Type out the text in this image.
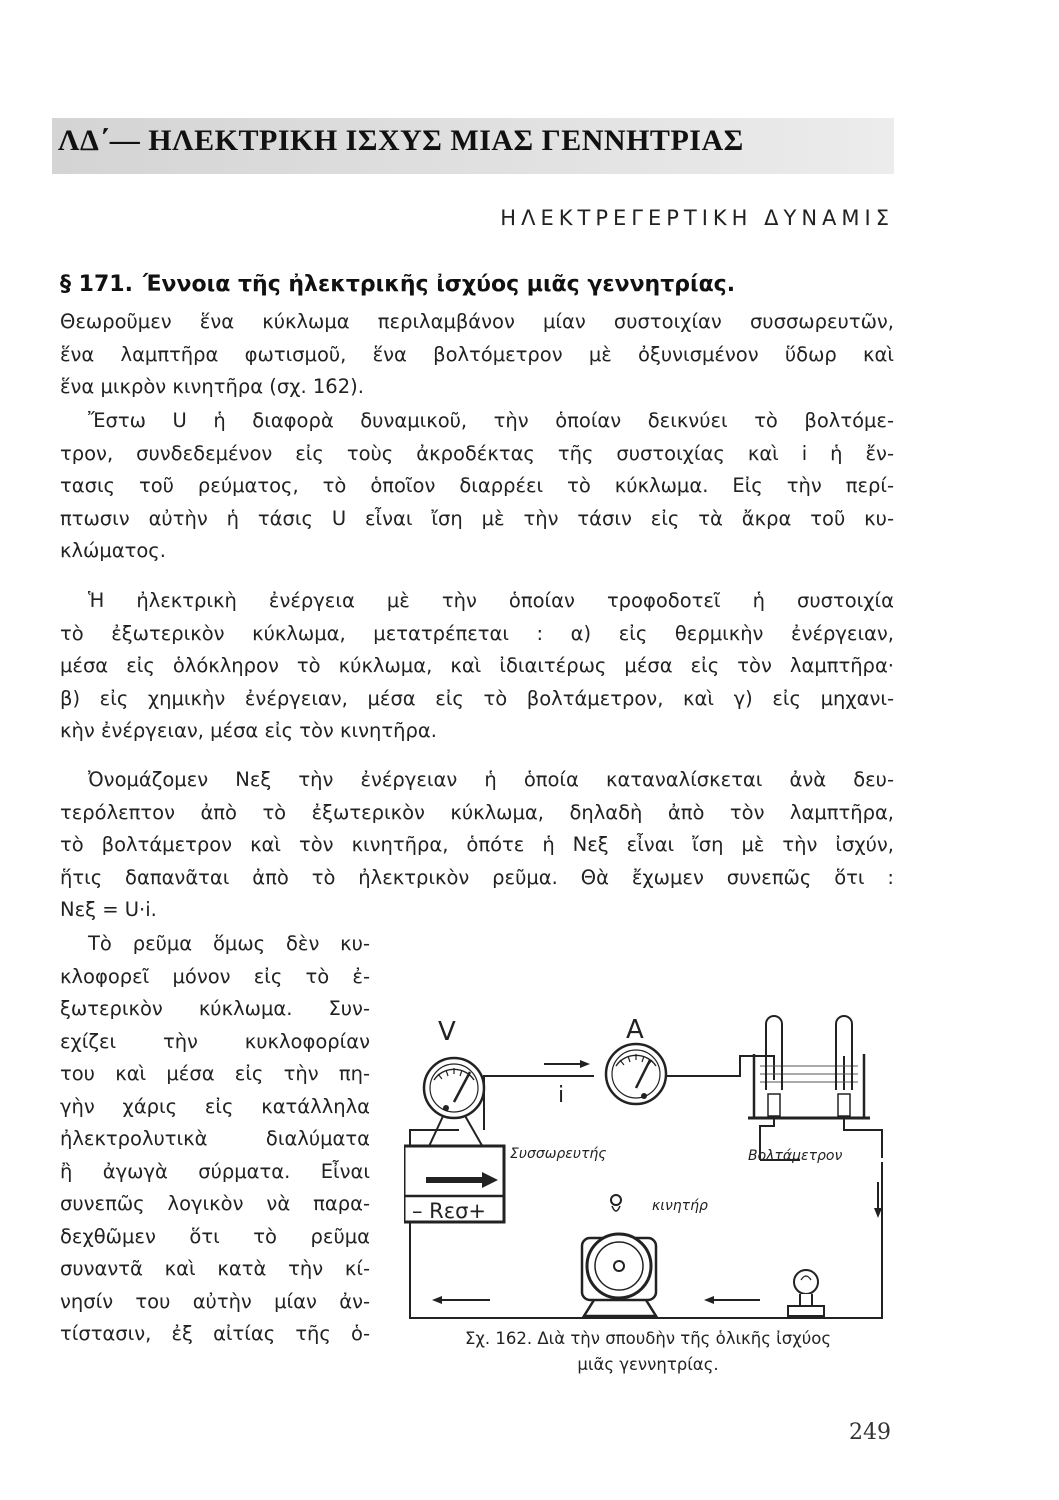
ΛΔ΄— ΗΛΕΚΤΡΙΚΗ ΙΣΧΥΣ ΜΙΑΣ ΓΕΝΝΗΤΡΙΑΣ
ΗΛΕΚΤΡΕΓΕΡΤΙΚΗ ΔΥΝΑΜΙΣ
§ 171. Έννοια τῆς ἠλεκτρικῆς ἰσχύος μιᾶς γεννητρίας.
Θεωροῦμεν ἕνα κύκλωμα περιλαμβάνον μίαν συστοιχίαν συσσωρευτῶν,
ἕνα λαμπτῆρα φωτισμοῦ, ἕνα βολτόμετρον μὲ ὀξυνισμένον ὕδωρ καὶ
ἕνα μικρὸν κινητῆρα (σχ. 162).
Ἔστω U ἡ διαφορὰ δυναμικοῦ, τὴν ὁποίαν δεικνύει τὸ βολτόμε-
τρον, συνδεδεμένον εἰς τοὺς ἀκροδέκτας τῆς συστοιχίας καὶ i ἡ ἔν-
τασις τοῦ ρεύματος, τὸ ὁποῖον διαρρέει τὸ κύκλωμα. Εἰς τὴν περί-
πτωσιν αὐτὴν ἡ τάσις U εἶναι ἴση μὲ τὴν τάσιν εἰς τὰ ἄκρα τοῦ κυ-
κλώματος.
Ἡ ἠλεκτρικὴ ἐνέργεια μὲ τὴν ὁποίαν τροφοδοτεῖ ἡ συστοιχία
τὸ ἐξωτερικὸν κύκλωμα, μετατρέπεται : α) εἰς θερμικὴν ἐνέργειαν,
μέσα εἰς ὁλόκληρον τὸ κύκλωμα, καὶ ἰδιαιτέρως μέσα εἰς τὸν λαμπτῆρα·
β) εἰς χημικὴν ἐνέργειαν, μέσα εἰς τὸ βολτάμετρον, καὶ γ) εἰς μηχανι-
κὴν ἐνέργειαν, μέσα εἰς τὸν κινητῆρα.
Ὀνομάζομεν Νεξ τὴν ἐνέργειαν ἡ ὁποία καταναλίσκεται ἀνὰ δευ-
τερόλεπτον ἀπὸ τὸ ἐξωτερικὸν κύκλωμα, δηλαδὴ ἀπὸ τὸν λαμπτῆρα,
τὸ βολτάμετρον καὶ τὸν κινητῆρα, ὁπότε ἡ Νεξ εἶναι ἴση μὲ τὴν ἰσχύν,
ἥτις δαπανᾶται ἀπὸ τὸ ἠλεκτρικὸν ρεῦμα. Θὰ ἔχωμεν συνεπῶς ὅτι :
Νεξ = U·i.
Τὸ ρεῦμα ὅμως δὲν κυ-
κλοφορεῖ μόνον εἰς τὸ ἐ-
ξωτερικὸν κύκλωμα. Συν-
εχίζει τὴν κυκλοφορίαν
του καὶ μέσα εἰς τὴν πη-
γὴν χάρις εἰς κατάλληλα
ἠλεκτρολυτικὰ διαλύματα
ἢ ἀγωγὰ σύρματα. Εἶναι
συνεπῶς λογικὸν νὰ παρα-
δεχθῶμεν ὅτι τὸ ρεῦμα
συναντᾶ καὶ κατὰ τὴν κί-
νησίν του αὐτὴν μίαν ἀν-
τίστασιν, ἐξ αἰτίας τῆς ὁ-
V	A
i
Συσσωρευτής	Βολτάμετρον
κινητήρ
– Rεσ+
Σχ. 162. Διὰ τὴν σπουδὴν τῆς ὁλικῆς ἰσχύος
μιᾶς γεννητρίας.
249
